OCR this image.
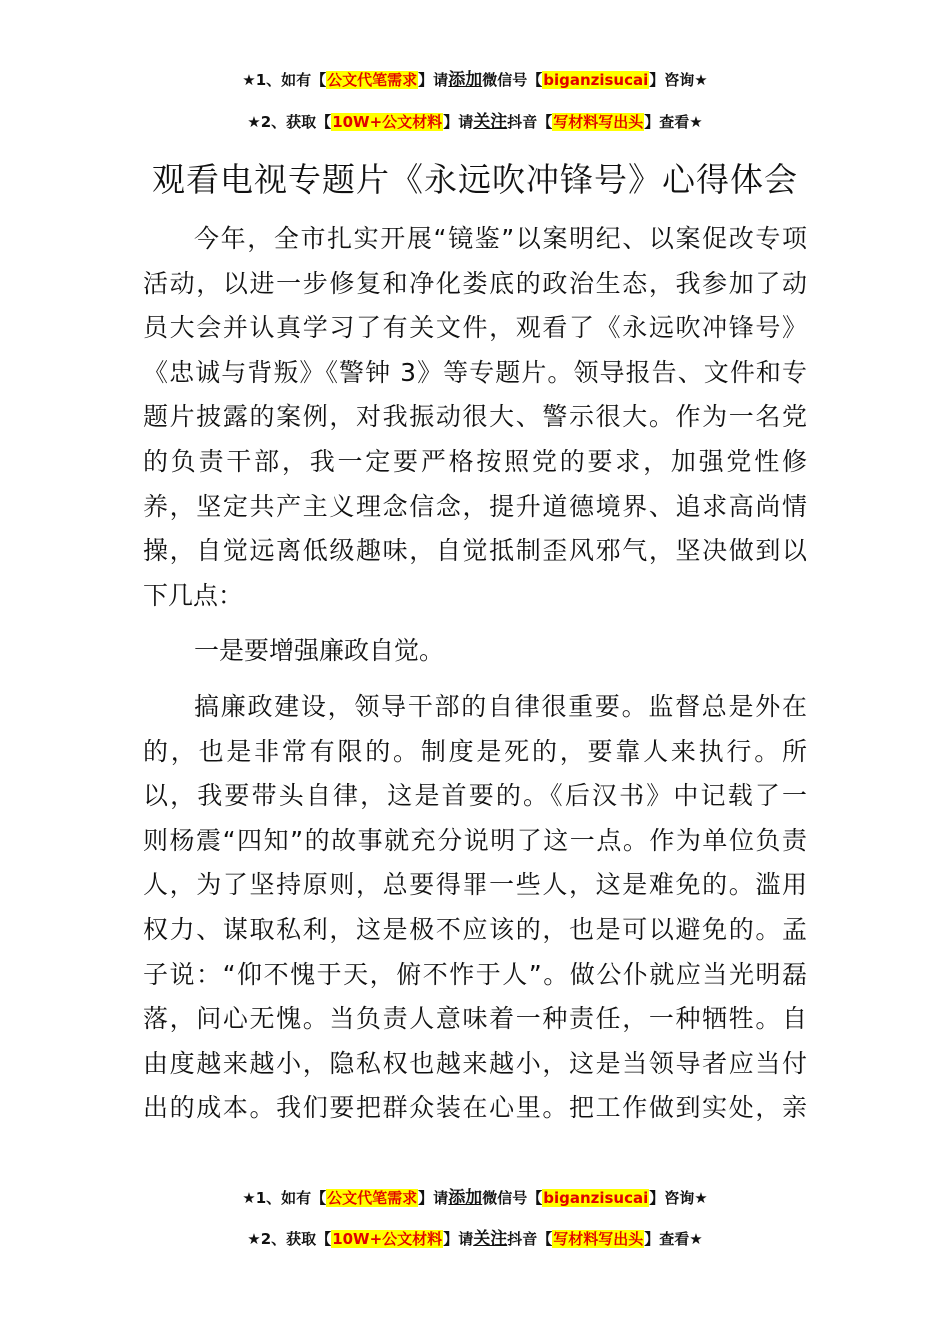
★1、如有【公文代笔需求】请添加微信号【biganzisucai】咨询★
★2、获取【10W+公文材料】请关注抖音【写材料写出头】查看★
观看电视专题片《永远吹冲锋号》心得体会
今年，全市扎实开展“镜鉴”以案明纪、以案促改专项
活动，以进一步修复和净化娄底的政治生态，我参加了动
员大会并认真学习了有关文件，观看了《永远吹冲锋号》
《忠诚与背叛》《警钟 3》等专题片。领导报告、文件和专
题片披露的案例，对我振动很大、警示很大。作为一名党
的负责干部，我一定要严格按照党的要求，加强党性修
养，坚定共产主义理念信念，提升道德境界、追求高尚情
操，自觉远离低级趣味，自觉抵制歪风邪气，坚决做到以
下几点：
一是要增强廉政自觉。
搞廉政建设，领导干部的自律很重要。监督总是外在
的，也是非常有限的。制度是死的，要靠人来执行。所
以，我要带头自律，这是首要的。《后汉书》中记载了一
则杨震“四知”的故事就充分说明了这一点。作为单位负责
人，为了坚持原则，总要得罪一些人，这是难免的。滥用
权力、谋取私利，这是极不应该的，也是可以避免的。孟
子说：“仰不愧于天，俯不怍于人”。做公仆就应当光明磊
落，问心无愧。当负责人意味着一种责任，一种牺牲。自
由度越来越小，隐私权也越来越小，这是当领导者应当付
出的成本。我们要把群众装在心里。把工作做到实处，亲
★1、如有【公文代笔需求】请添加微信号【biganzisucai】咨询★
★2、获取【10W+公文材料】请关注抖音【写材料写出头】查看★
